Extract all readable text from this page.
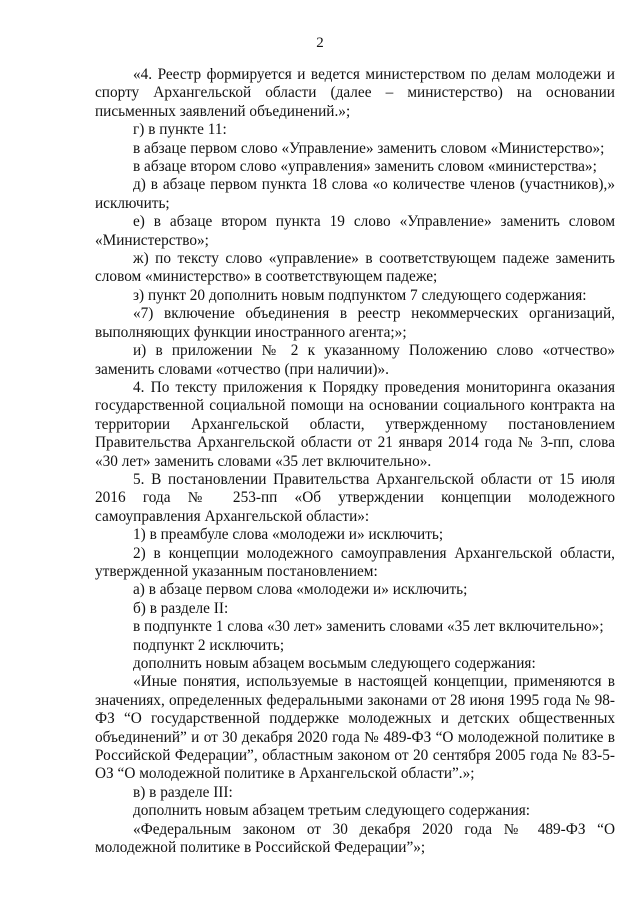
2

«4. Реестр формируется и ведется министерством по делам молодежи и спорту Архангельской области (далее – министерство) на основании письменных заявлений объединений.»;

г) в пункте 11:

в абзаце первом слово «Управление» заменить словом «Министерство»;

в абзаце втором слово «управления» заменить словом «министерства»;

д) в абзаце первом пункта 18 слова «о количестве членов (участников),» исключить;

е) в абзаце втором пункта 19 слово «Управление» заменить словом «Министерство»;

ж) по тексту слово «управление» в соответствующем падеже заменить словом «министерство» в соответствующем падеже;

з) пункт 20 дополнить новым подпунктом 7 следующего содержания:

«7) включение объединения в реестр некоммерческих организаций, выполняющих функции иностранного агента;»;

и) в приложении № 2 к указанному Положению слово «отчество» заменить словами «отчество (при наличии)».

4. По тексту приложения к Порядку проведения мониторинга оказания государственной социальной помощи на основании социального контракта на территории Архангельской области, утвержденному постановлением Правительства Архангельской области от 21 января 2014 года № 3-пп, слова «30 лет» заменить словами «35 лет включительно».

5. В постановлении Правительства Архангельской области от 15 июля 2016 года № 253-пп «Об утверждении концепции молодежного самоуправления Архангельской области»:

1) в преамбуле слова «молодежи и» исключить;

2) в концепции молодежного самоуправления Архангельской области, утвержденной указанным постановлением:

а) в абзаце первом слова «молодежи и» исключить;

б) в разделе II:

в подпункте 1 слова «30 лет» заменить словами «35 лет включительно»;

подпункт 2 исключить;

дополнить новым абзацем восьмым следующего содержания:

«Иные понятия, используемые в настоящей концепции, применяются в значениях, определенных федеральными законами от 28 июня 1995 года № 98-ФЗ “О государственной поддержке молодежных и детских общественных объединений” и от 30 декабря 2020 года № 489-ФЗ “О молодежной политике в Российской Федерации”, областным законом от 20 сентября 2005 года № 83-5-ОЗ “О молодежной политике в Архангельской области”.»;

в) в разделе III:

дополнить новым абзацем третьим следующего содержания:

«Федеральным законом от 30 декабря 2020 года № 489-ФЗ “О молодежной политике в Российской Федерации”»;
